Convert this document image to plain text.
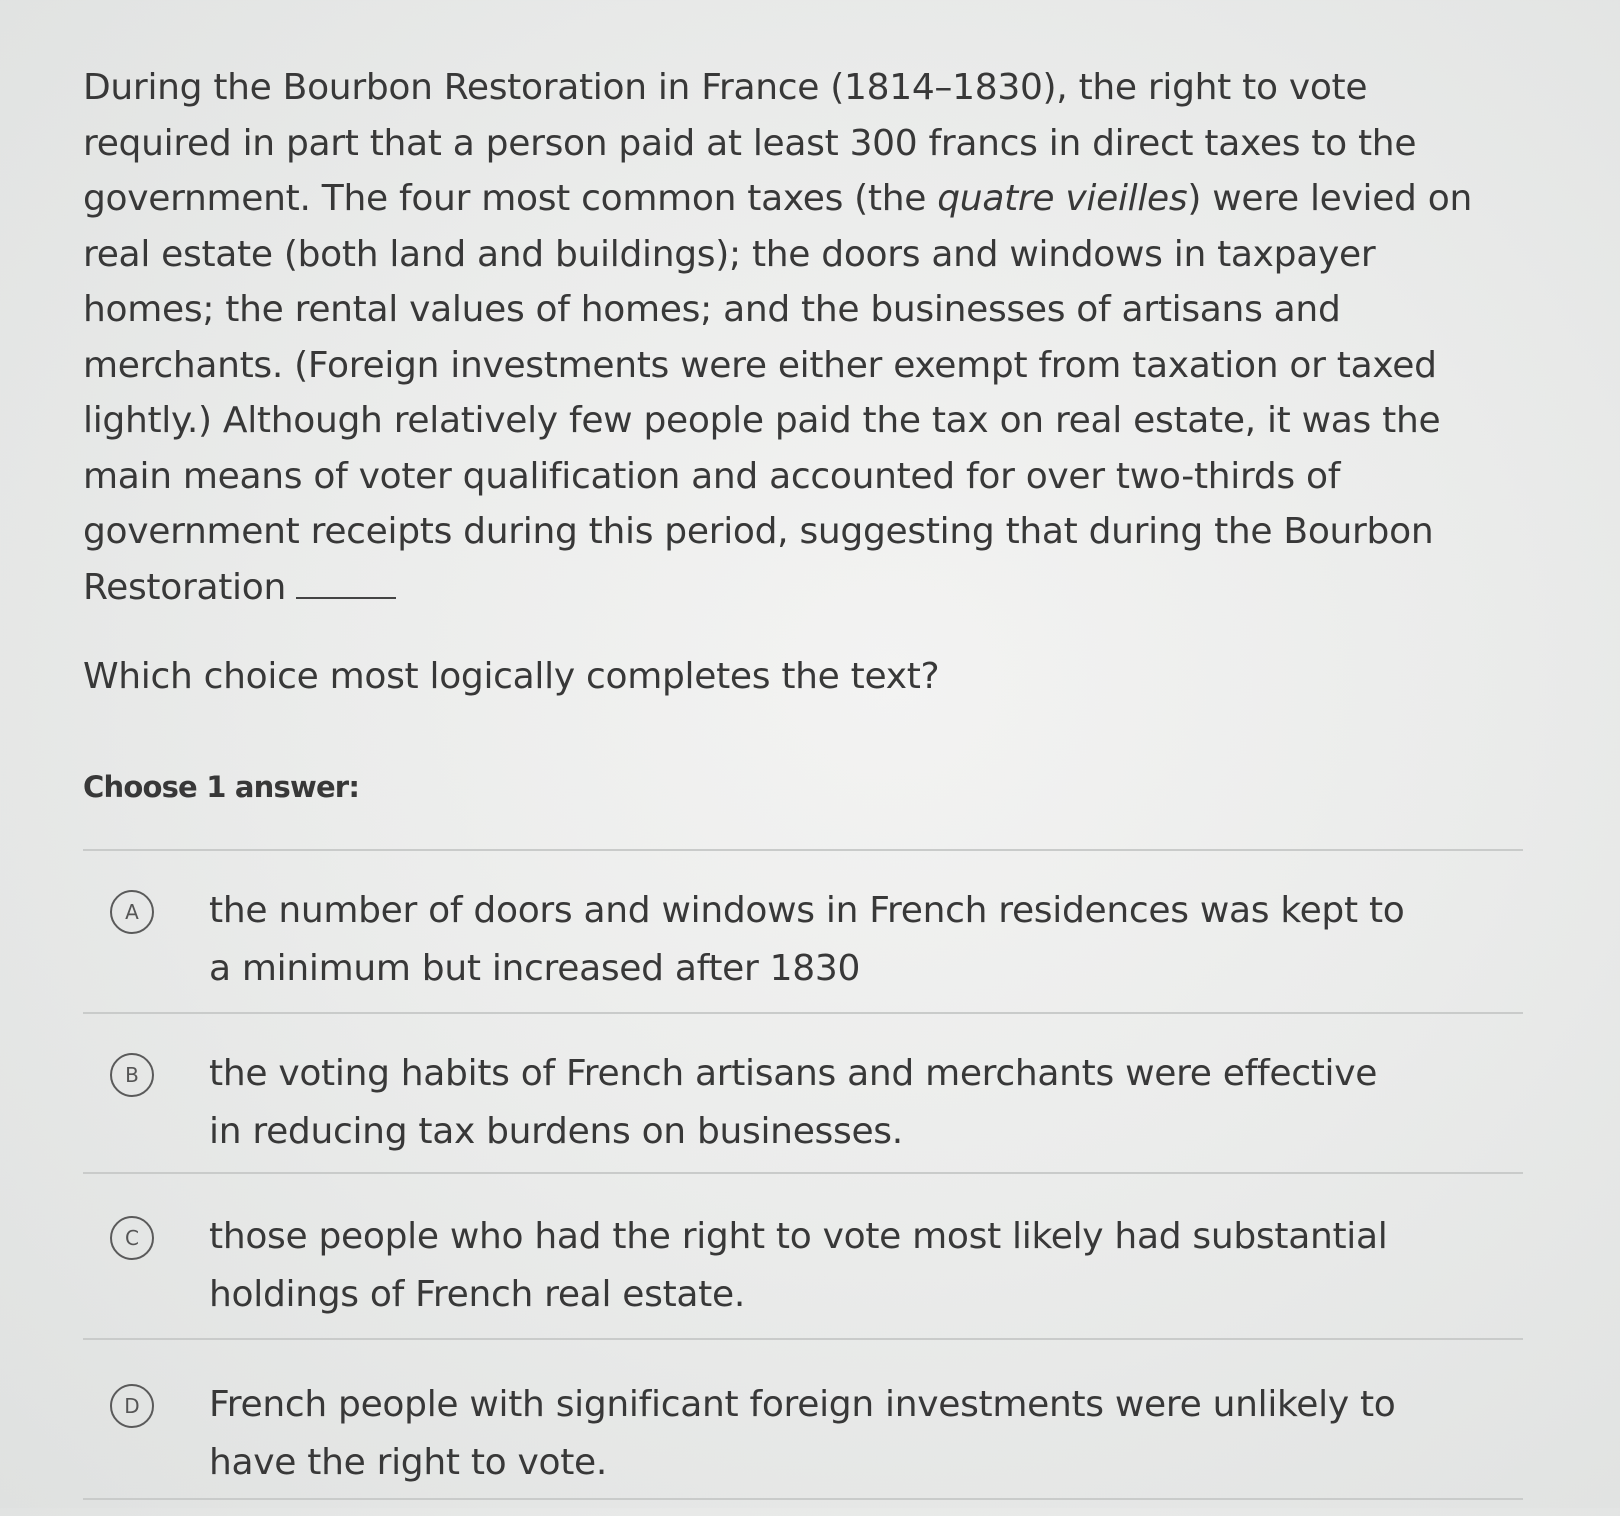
During the Bourbon Restoration in France (1814–1830), the right to vote
required in part that a person paid at least 300 francs in direct taxes to the
government. The four most common taxes (the quatre vieilles) were levied on
real estate (both land and buildings); the doors and windows in taxpayer
homes; the rental values of homes; and the businesses of artisans and
merchants. (Foreign investments were either exempt from taxation or taxed
lightly.) Although relatively few people paid the tax on real estate, it was the
main means of voter qualification and accounted for over two-thirds of
government receipts during this period, suggesting that during the Bourbon
Restoration
Which choice most logically completes the text?
Choose 1 answer:
A	the number of doors and windows in French residences was kept to
a minimum but increased after 1830
B	the voting habits of French artisans and merchants were effective
in reducing tax burdens on businesses.
C	those people who had the right to vote most likely had substantial
holdings of French real estate.
D	French people with significant foreign investments were unlikely to
have the right to vote.
